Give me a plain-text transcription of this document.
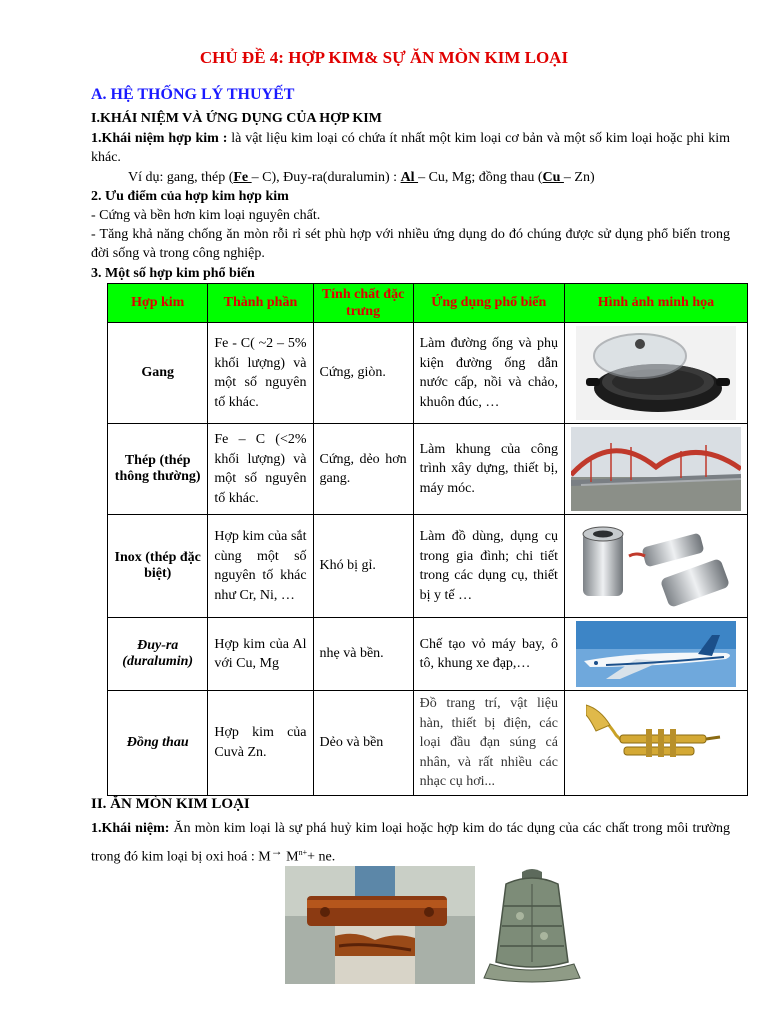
CHỦ ĐỀ 4: HỢP KIM& SỰ ĂN MÒN KIM LOẠI
A. HỆ THỐNG LÝ THUYẾT
I.KHÁI NIỆM VÀ ỨNG DỤNG CỦA HỢP KIM
1.Khái niệm hợp kim : là vật liệu kim loại có chứa ít nhất một kim loại cơ bản và một số kim loại hoặc phi kim khác.
Ví dụ: gang, thép (Fe – C), Đuy-ra(duralumin) : Al – Cu, Mg; đồng thau (Cu – Zn)
2. Ưu điểm của hợp kim hợp kim
- Cứng và bền hơn kim loại nguyên chất.
- Tăng khả năng chống ăn mòn rỗi rỉ sét phù hợp với nhiều ứng dụng do đó chúng được sử dụng phổ biến trong đời sống và trong công nghiệp.
3. Một số hợp kim phổ biến
Hợp kim	Thành phần	Tính chất đặc trưng	Ứng dụng phổ biến	Hình ảnh minh họa
Gang	Fe - C( ~2 – 5% khối lượng) và một số nguyên tố khác.	Cứng, giòn.	Làm đường ống và phụ kiện đường ống dẫn nước cấp, nồi và chảo, khuôn đúc, …	

Thép (thép thông thường)	Fe – C (<2% khối lượng) và một số nguyên tố khác.	Cứng, dẻo hơn gang.	Làm khung của công trình xây dựng, thiết bị, máy móc.	

Inox (thép đặc biệt)	Hợp kim của sắt cùng một số nguyên tố khác như Cr, Ni, …	Khó bị gỉ.	Làm đồ dùng, dụng cụ trong gia đình; chi tiết trong các dụng cụ, thiết bị y tế …	

Đuy-ra (duralumin)	Hợp kim của Al với Cu, Mg	nhẹ và bền.	Chế tạo vỏ máy bay, ô tô, khung xe đạp,…	

Đồng thau	Hợp kim của Cuvà Zn.	Dẻo và bền	Đồ trang trí, vật liệu hàn, thiết bị điện, các loại đầu đạn súng cá nhân, và rất nhiều các nhạc cụ hơi...	
II. ĂN MÒN KIM LOẠI
1.Khái niệm: Ăn mòn kim loại là sự phá huỷ kim loại hoặc hợp kim do tác dụng của các chất trong môi trường trong đó kim loại bị oxi hoá : M→ $M^{n+}+$ ne.
